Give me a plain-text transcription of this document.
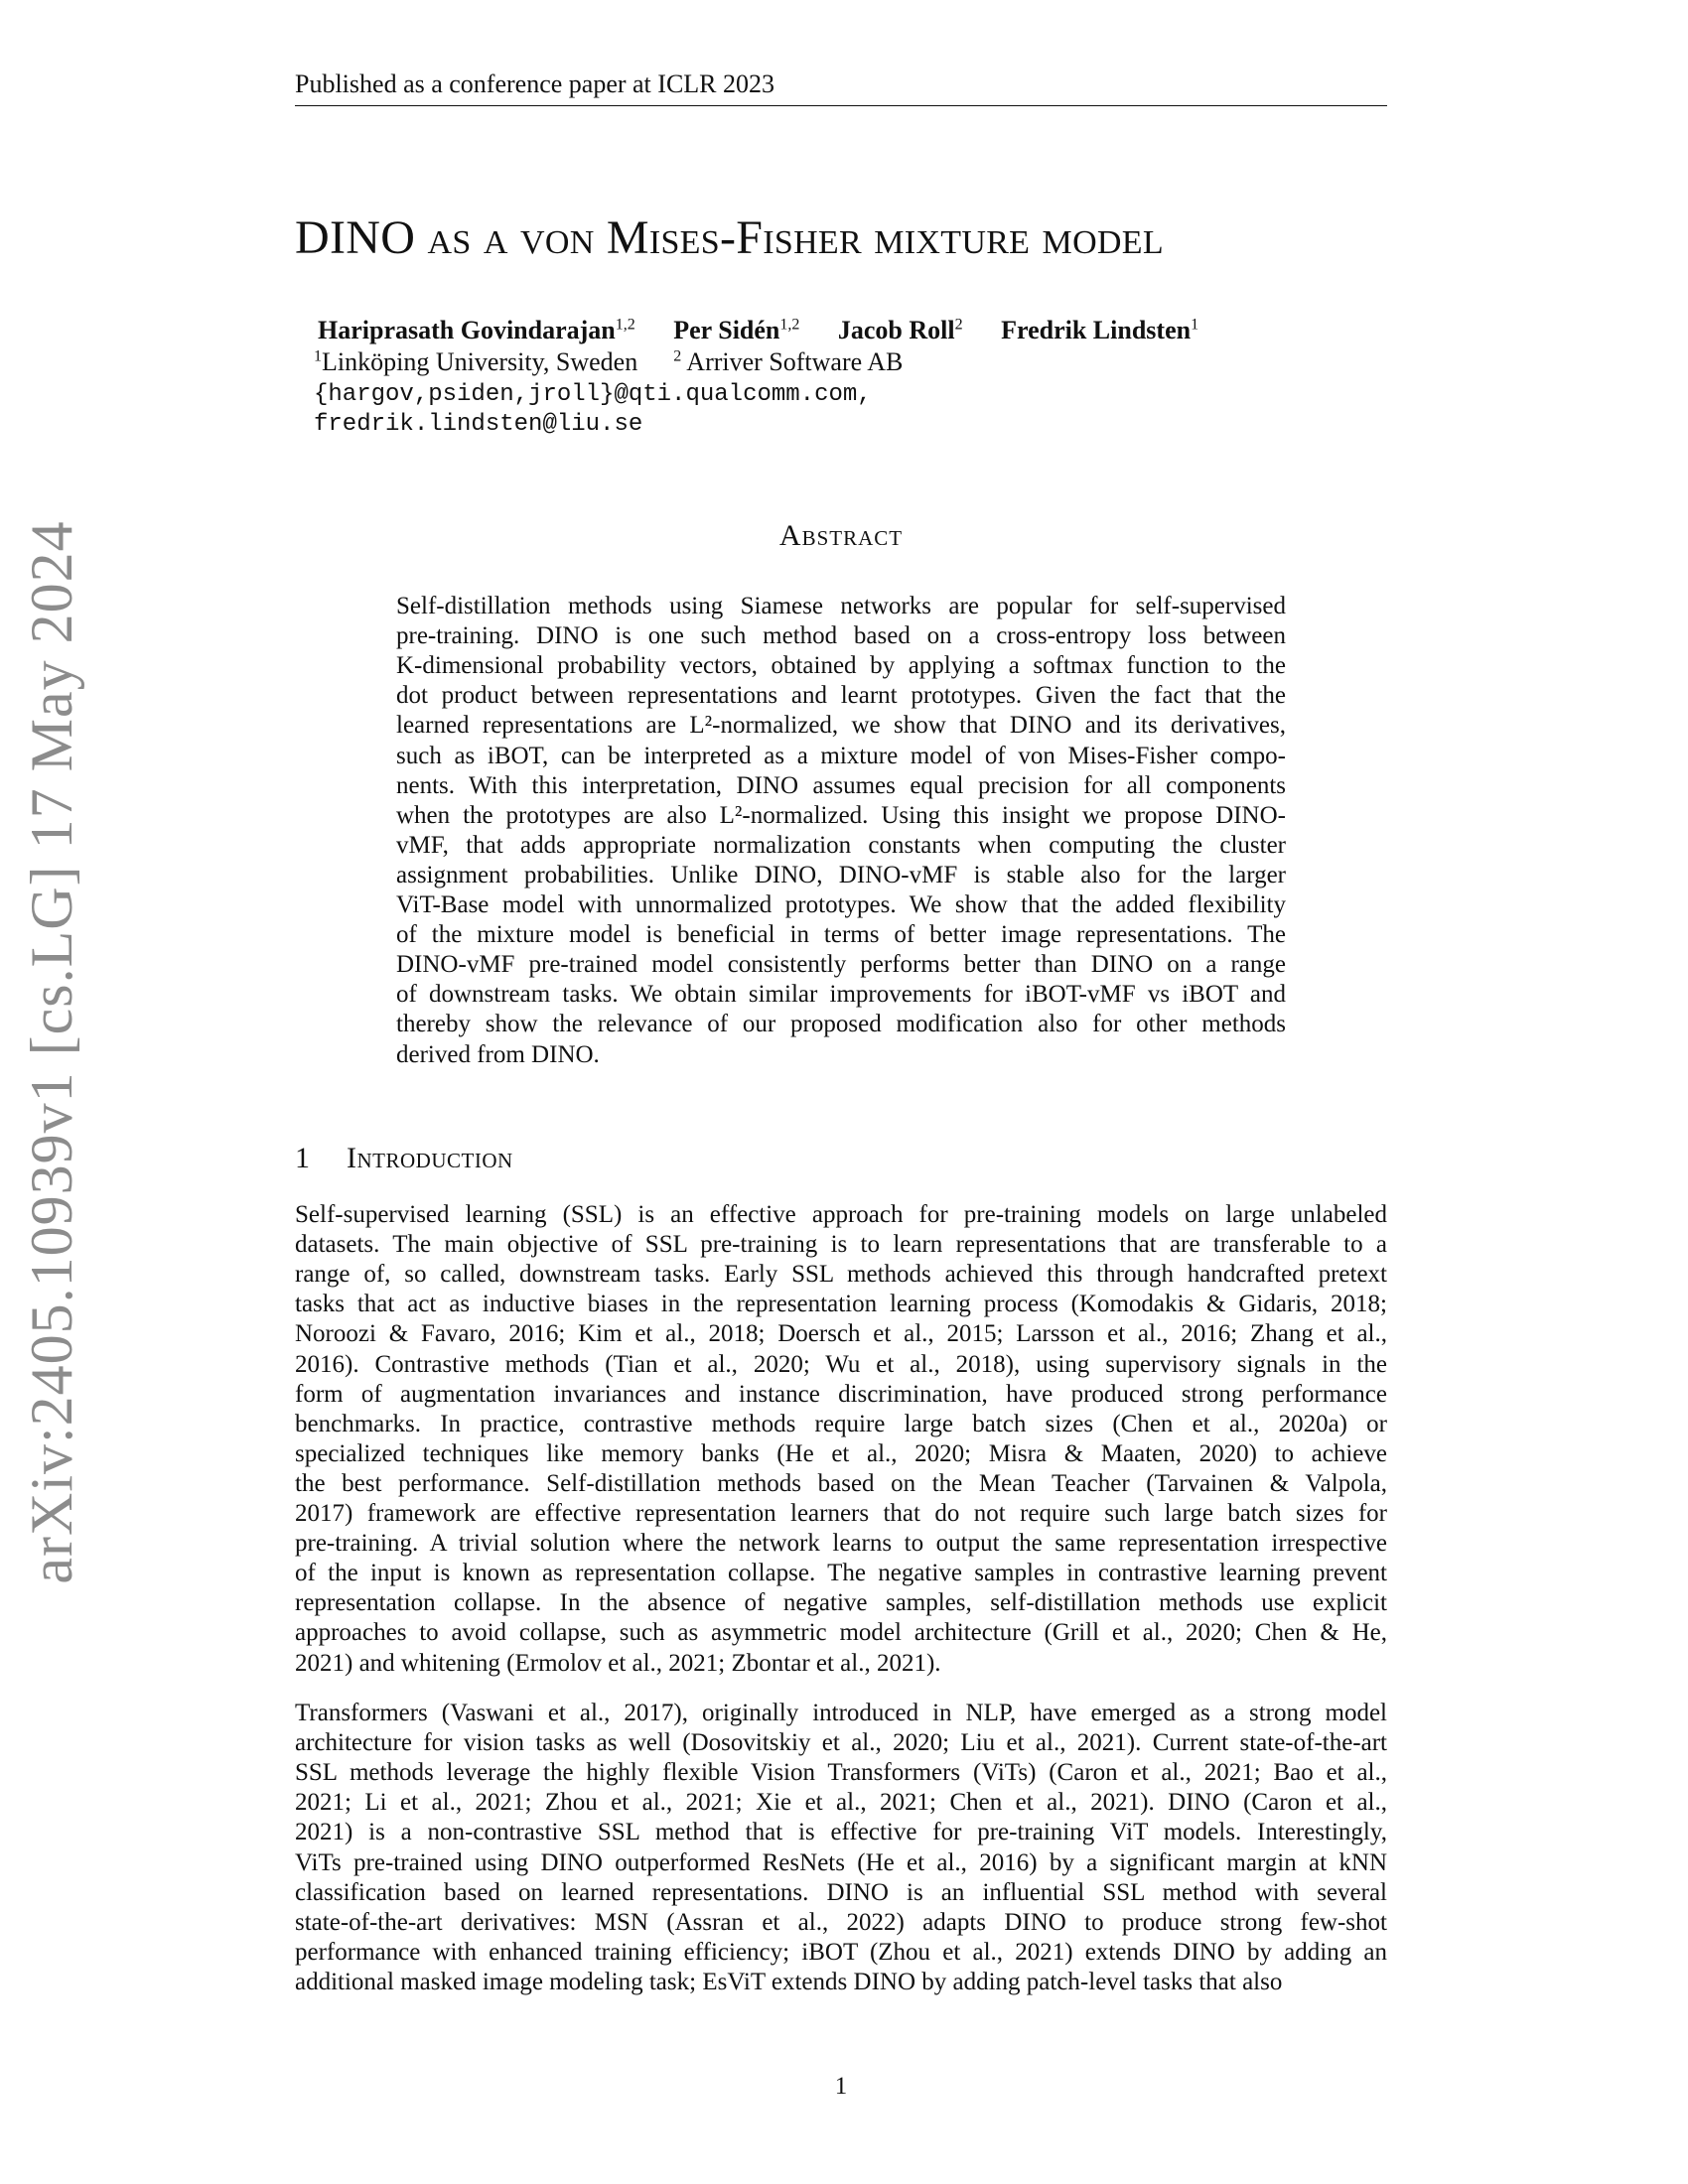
Published as a conference paper at ICLR 2023
arXiv:2405.10939v1 [cs.LG] 17 May 2024
DINO as a von Mises-Fisher mixture model
Hariprasath Govindarajan$^{1,2}$ Per Sidén$^{1,2}$ Jacob Roll$^2$ Fredrik Lindsten$^1$
$^1$Linköping University, Sweden $^2$ Arriver Software AB
{hargov,psiden,jroll}@qti.qualcomm.com,
fredrik.lindsten@liu.se
Abstract
Self-distillation methods using Siamese networks are popular for self-supervised
pre-training. DINO is one such method based on a cross-entropy loss between
K-dimensional probability vectors, obtained by applying a softmax function to the
dot product between representations and learnt prototypes. Given the fact that the
learned representations are L²-normalized, we show that DINO and its derivatives,
such as iBOT, can be interpreted as a mixture model of von Mises-Fisher compo-
nents. With this interpretation, DINO assumes equal precision for all components
when the prototypes are also L²-normalized. Using this insight we propose DINO-
vMF, that adds appropriate normalization constants when computing the cluster
assignment probabilities. Unlike DINO, DINO-vMF is stable also for the larger
ViT-Base model with unnormalized prototypes. We show that the added flexibility
of the mixture model is beneficial in terms of better image representations. The
DINO-vMF pre-trained model consistently performs better than DINO on a range
of downstream tasks. We obtain similar improvements for iBOT-vMF vs iBOT and
thereby show the relevance of our proposed modification also for other methods
derived from DINO.
1 Introduction
Self-supervised learning (SSL) is an effective approach for pre-training models on large unlabeled
datasets. The main objective of SSL pre-training is to learn representations that are transferable to a
range of, so called, downstream tasks. Early SSL methods achieved this through handcrafted pretext
tasks that act as inductive biases in the representation learning process (Komodakis & Gidaris, 2018;
Noroozi & Favaro, 2016; Kim et al., 2018; Doersch et al., 2015; Larsson et al., 2016; Zhang et al.,
2016). Contrastive methods (Tian et al., 2020; Wu et al., 2018), using supervisory signals in the
form of augmentation invariances and instance discrimination, have produced strong performance
benchmarks. In practice, contrastive methods require large batch sizes (Chen et al., 2020a) or
specialized techniques like memory banks (He et al., 2020; Misra & Maaten, 2020) to achieve
the best performance. Self-distillation methods based on the Mean Teacher (Tarvainen & Valpola,
2017) framework are effective representation learners that do not require such large batch sizes for
pre-training. A trivial solution where the network learns to output the same representation irrespective
of the input is known as representation collapse. The negative samples in contrastive learning prevent
representation collapse. In the absence of negative samples, self-distillation methods use explicit
approaches to avoid collapse, such as asymmetric model architecture (Grill et al., 2020; Chen & He,
2021) and whitening (Ermolov et al., 2021; Zbontar et al., 2021).
Transformers (Vaswani et al., 2017), originally introduced in NLP, have emerged as a strong model
architecture for vision tasks as well (Dosovitskiy et al., 2020; Liu et al., 2021). Current state-of-the-art
SSL methods leverage the highly flexible Vision Transformers (ViTs) (Caron et al., 2021; Bao et al.,
2021; Li et al., 2021; Zhou et al., 2021; Xie et al., 2021; Chen et al., 2021). DINO (Caron et al.,
2021) is a non-contrastive SSL method that is effective for pre-training ViT models. Interestingly,
ViTs pre-trained using DINO outperformed ResNets (He et al., 2016) by a significant margin at kNN
classification based on learned representations. DINO is an influential SSL method with several
state-of-the-art derivatives: MSN (Assran et al., 2022) adapts DINO to produce strong few-shot
performance with enhanced training efficiency; iBOT (Zhou et al., 2021) extends DINO by adding an
additional masked image modeling task; EsViT extends DINO by adding patch-level tasks that also
1
